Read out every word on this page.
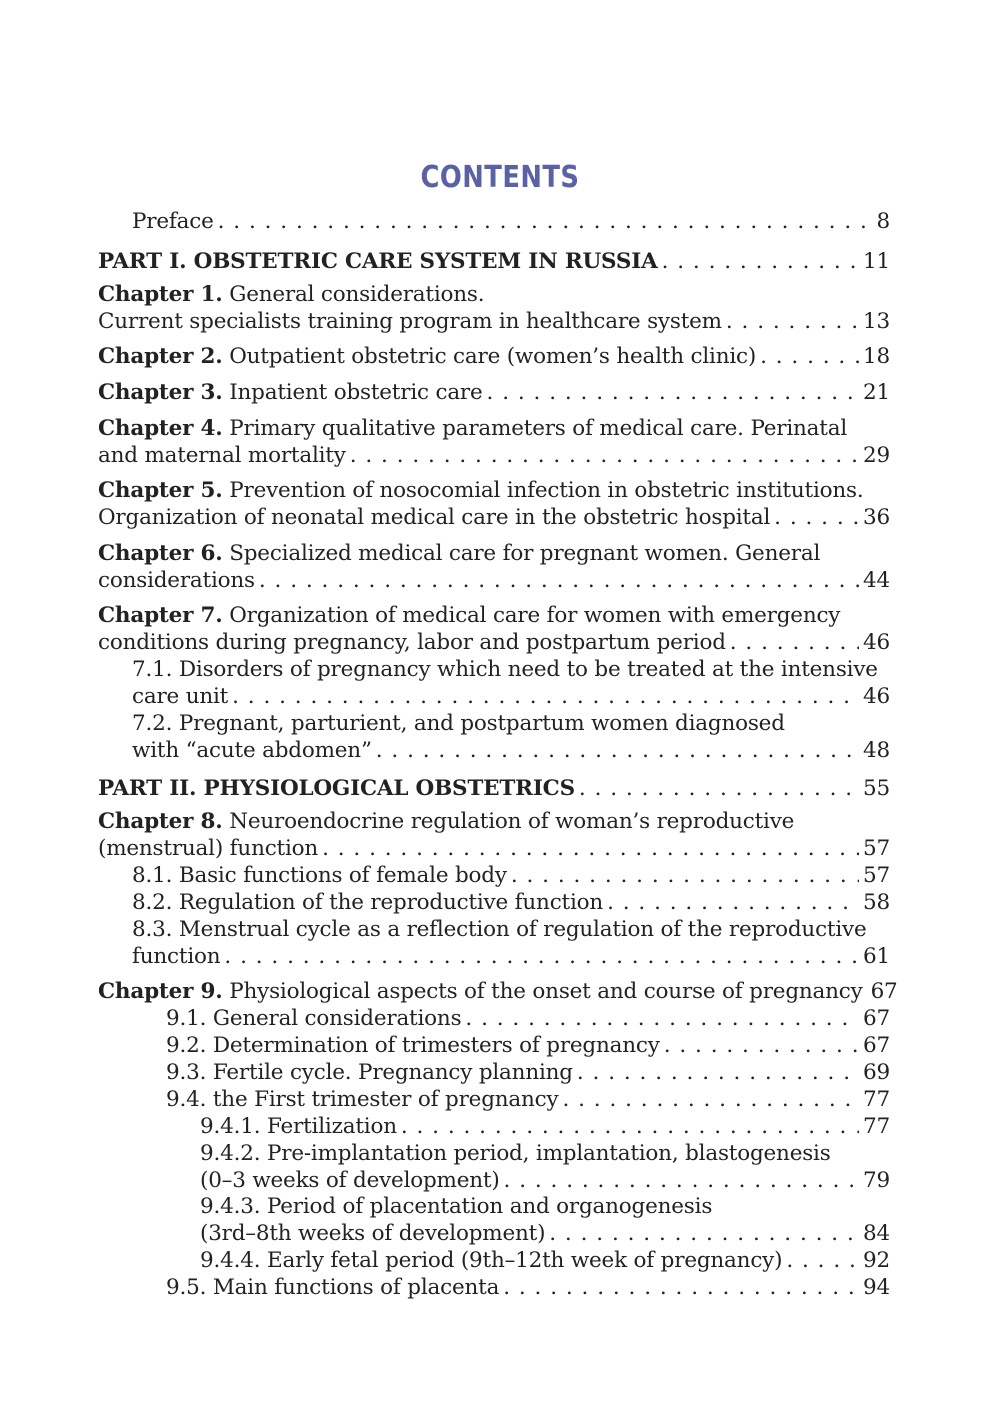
CONTENTS
Preface . . .	8
PART I. OBSTETRIC CARE SYSTEM IN RUSSIA . . .	11
Chapter 1. General considerations.
Current specialists training program in healthcare system . . .	13
Chapter 2.
Outpatient obstetric care (women’s health clinic) . . .	18
Chapter 3.
Inpatient obstetric care . . .	21
Chapter 4. Primary qualitative parameters of medical care. Perinatal
and maternal mortality . . .	29
Chapter 5. Prevention of nosocomial infection in obstetric institutions.
Organization of neonatal medical care in the obstetric hospital . . .	36
Chapter 6. Specialized medical care for pregnant women. General
considerations . . .	44
Chapter 7. Organization of medical care for women with emergency
conditions during pregnancy, labor and postpartum period . . .	46
7.1. Disorders of pregnancy which need to be treated at the intensive
care unit . . .	46
7.2. Pregnant, parturient, and postpartum women diagnosed
with “acute abdomen” . . .	48
PART II. PHYSIOLOGICAL OBSTETRICS . . .	55
Chapter 8. Neuroendocrine regulation of woman’s reproductive
(menstrual) function . . .	57
8.1. Basic functions of female body . . .	57
8.2. Regulation of the reproductive function . . .	58
8.3. Menstrual cycle as a reflection of regulation of the reproductive
function . . .	61
Chapter 9.
Physiological aspects of the onset and course of pregnancy 67
9.1. General considerations . . .	67
9.2. Determination of trimesters of pregnancy . . .	67
9.3. Fertile cycle. Pregnancy planning . . .	69
9.4. the First trimester of pregnancy . . .	77
9.4.1. Fertilization . . .	77
9.4.2. Pre-implantation period, implantation, blastogenesis
(0–3 weeks of development) . . .	79
9.4.3. Period of placentation and organogenesis
(3rd–8th weeks of development) . . .	84
9.4.4. Early fetal period (9th–12th week of pregnancy) . . .	92
9.5. Main functions of placenta . . .	94
